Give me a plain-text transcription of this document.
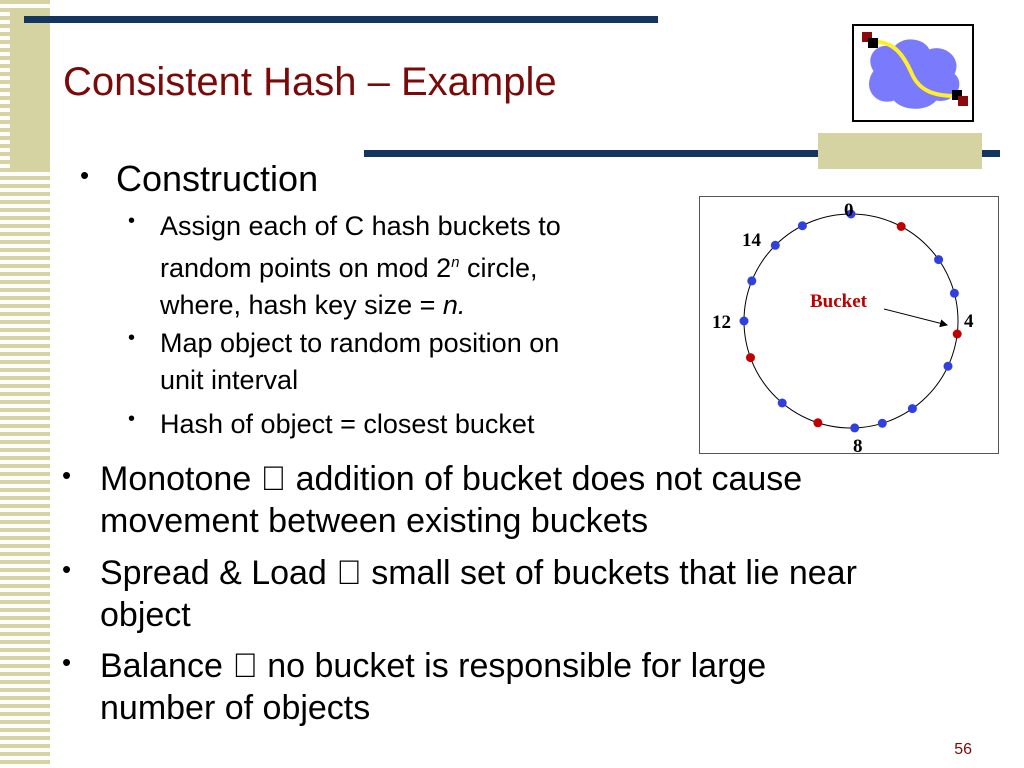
Consistent Hash – Example
• Construction
• Assign each of C hash buckets to
random points on mod 2$^n$ circle,
where, hash key size = n.
• Map object to random position on
unit interval
• Hash of object = closest bucket
• Monotone   addition of bucket does not cause
movement between existing buckets
• Spread & Load   small set of buckets that lie near
object
• Balance   no bucket is responsible for large
number of objects
Bucket
0
4
8
12
14
56
